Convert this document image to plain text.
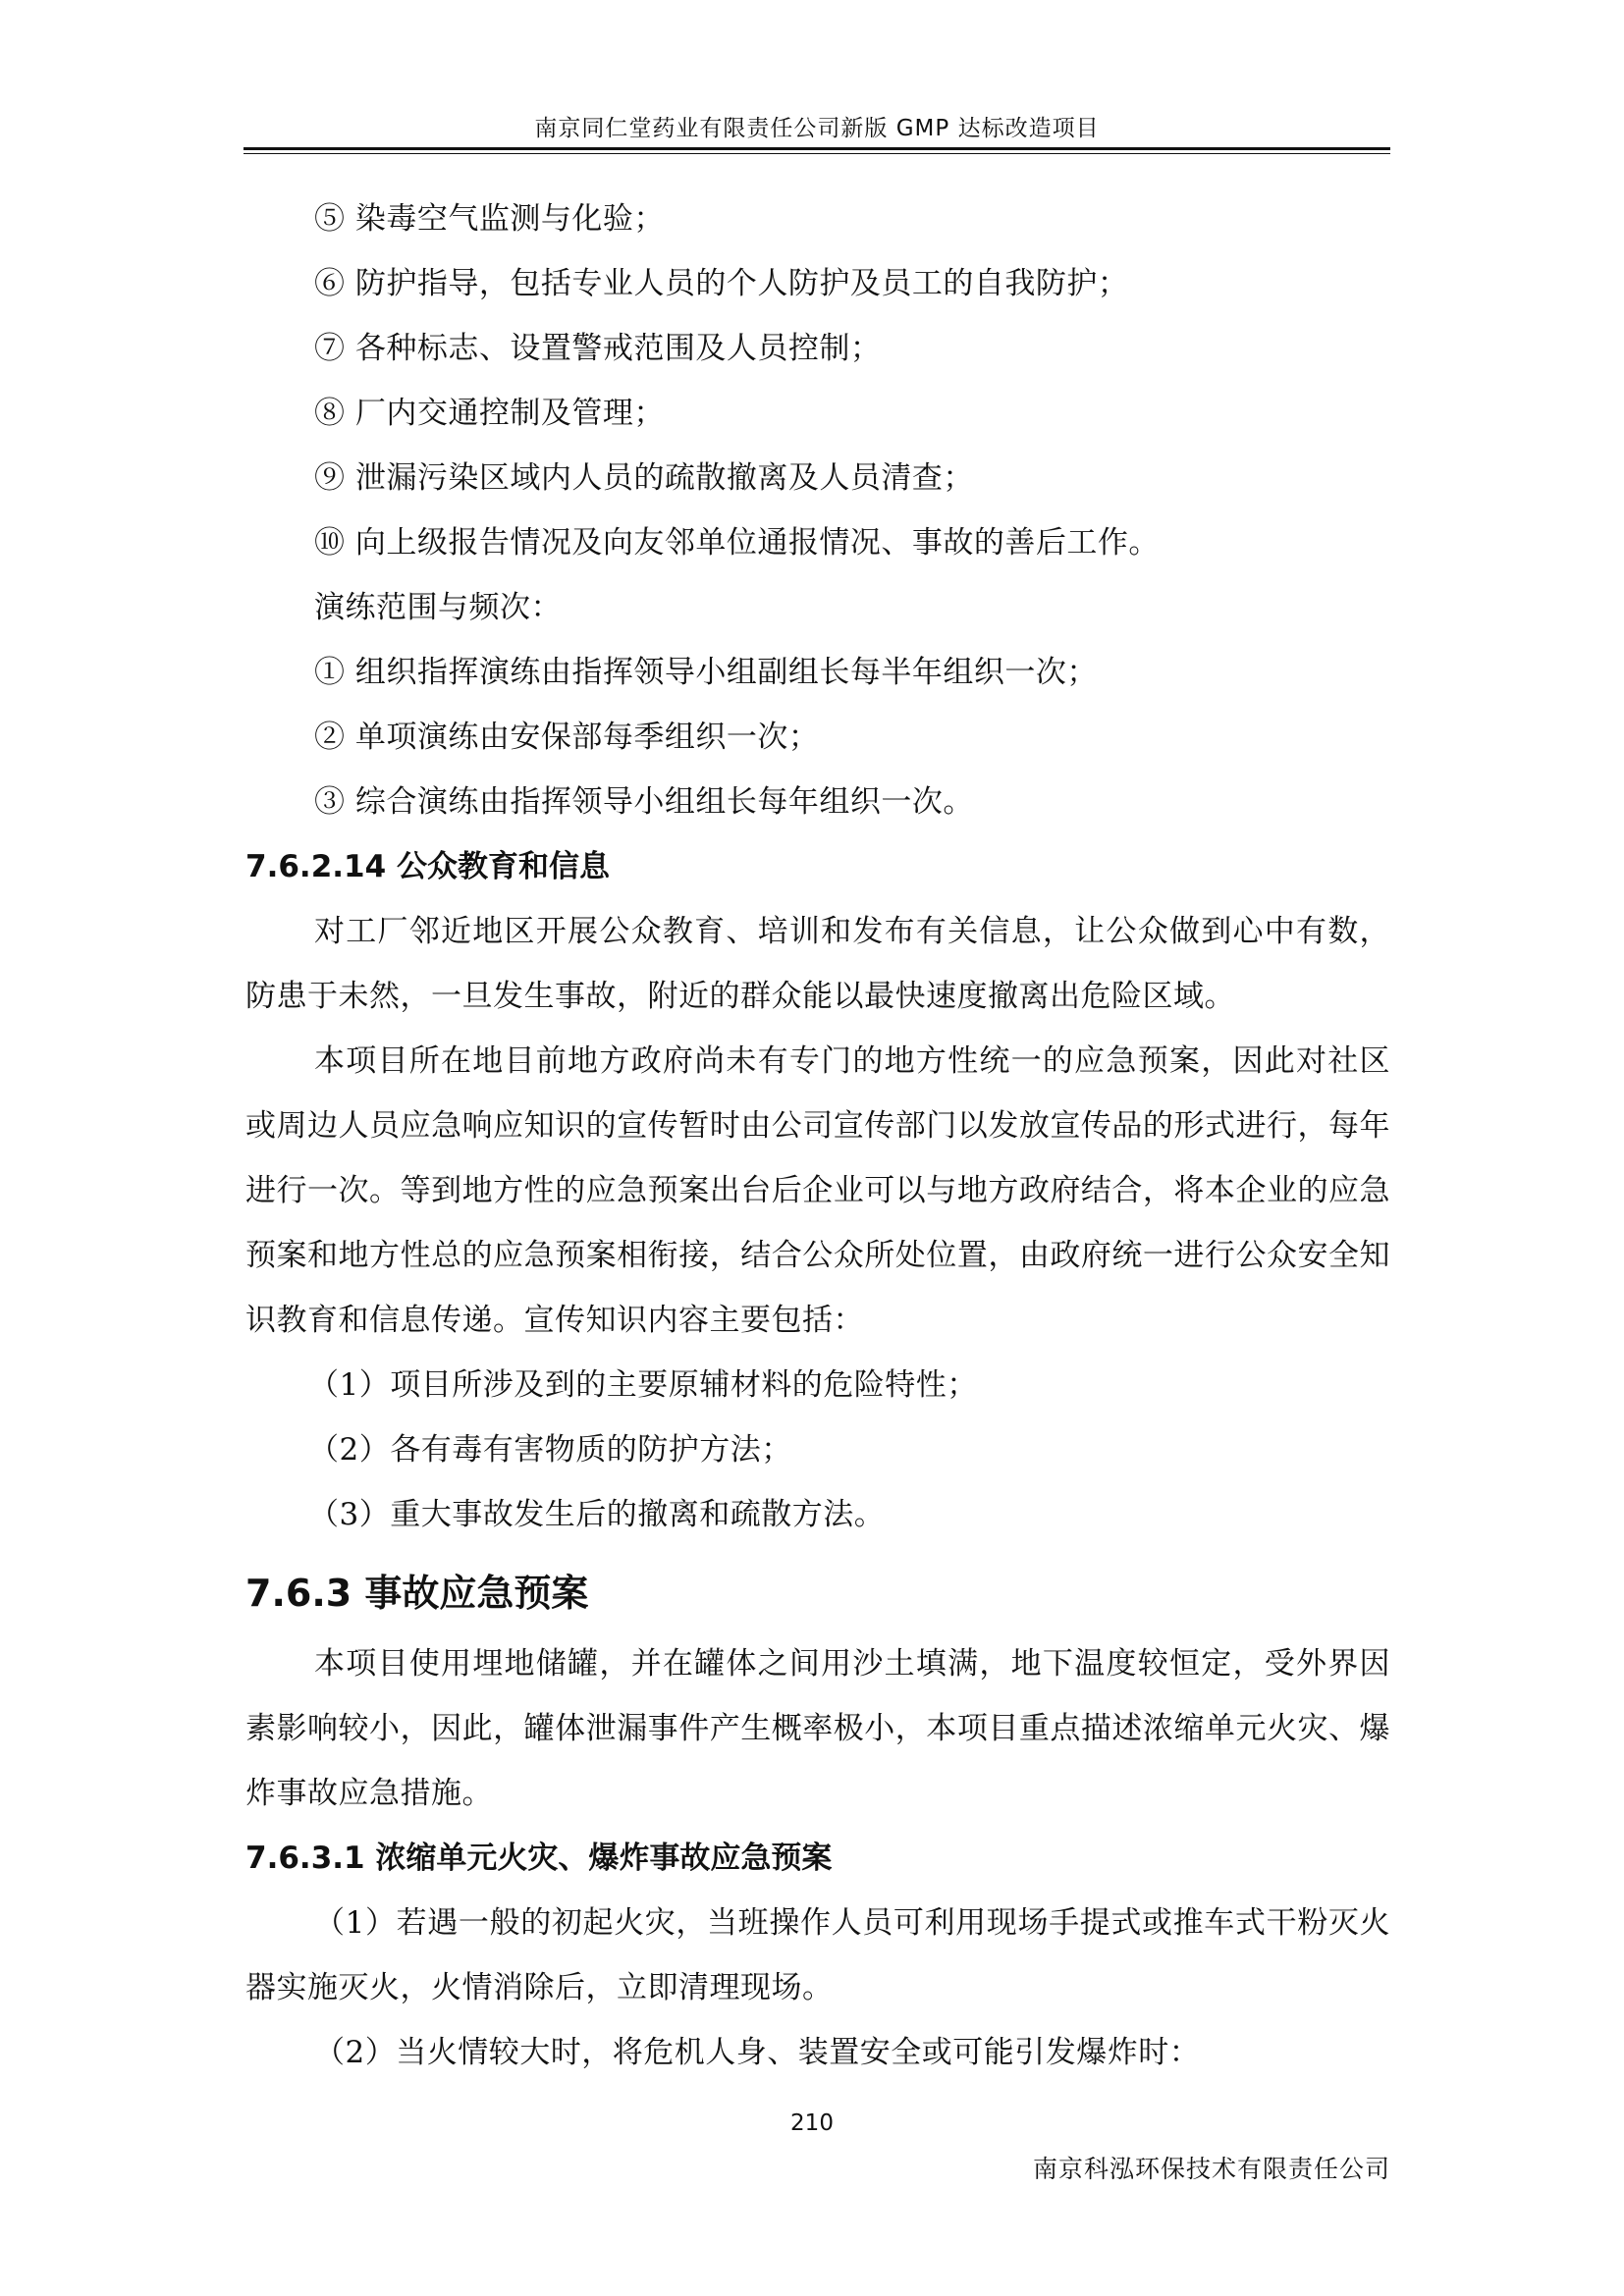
南京同仁堂药业有限责任公司新版 GMP 达标改造项目
⑤ 染毒空气监测与化验；
⑥ 防护指导，包括专业人员的个人防护及员工的自我防护；
⑦ 各种标志、设置警戒范围及人员控制；
⑧ 厂内交通控制及管理；
⑨ 泄漏污染区域内人员的疏散撤离及人员清查；
⑩ 向上级报告情况及向友邻单位通报情况、事故的善后工作。
演练范围与频次：
① 组织指挥演练由指挥领导小组副组长每半年组织一次；
② 单项演练由安保部每季组织一次；
③ 综合演练由指挥领导小组组长每年组织一次。
7.6.2.14 公众教育和信息

对工厂邻近地区开展公众教育、培训和发布有关信息，让公众做到心中有数，防患于未然，一旦发生事故，附近的群众能以最快速度撤离出危险区域。

本项目所在地目前地方政府尚未有专门的地方性统一的应急预案，因此对社区或周边人员应急响应知识的宣传暂时由公司宣传部门以发放宣传品的形式进行，每年进行一次。等到地方性的应急预案出台后企业可以与地方政府结合，将本企业的应急预案和地方性总的应急预案相衔接，结合公众所处位置，由政府统一进行公众安全知识教育和信息传递。宣传知识内容主要包括：

（1）项目所涉及到的主要原辅材料的危险特性；
（2）各有毒有害物质的防护方法；
（3）重大事故发生后的撤离和疏散方法。
7.6.3 事故应急预案

本项目使用埋地储罐，并在罐体之间用沙土填满，地下温度较恒定，受外界因素影响较小，因此，罐体泄漏事件产生概率极小，本项目重点描述浓缩单元火灾、爆炸事故应急措施。

7.6.3.1 浓缩单元火灾、爆炸事故应急预案

（1）若遇一般的初起火灾，当班操作人员可利用现场手提式或推车式干粉灭火器实施灭火，火情消除后，立即清理现场。

（2）当火情较大时，将危机人身、装置安全或可能引发爆炸时：

210
南京科泓环保技术有限责任公司
